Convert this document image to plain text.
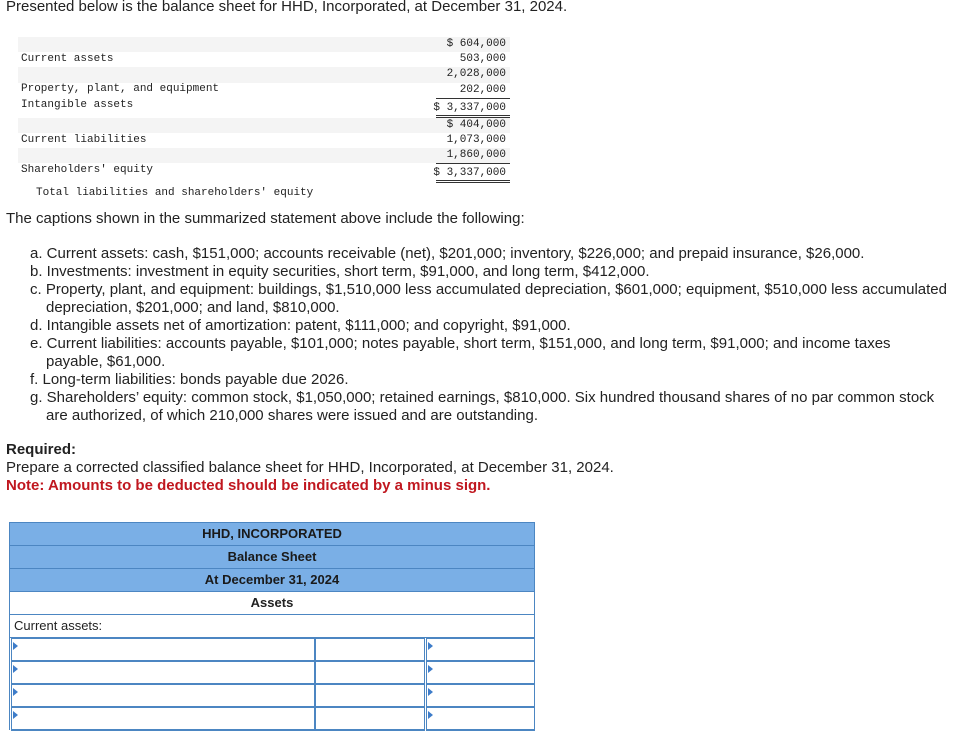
Presented below is the balance sheet for HHD, Incorporated, at December 31, 2024.

Current assets

$ 604,000

503,000

Property, plant, and equipment

2,028,000

Intangible assets

202,000

$ 3,337,000

Current liabilities

$ 404,000

1,073,000

Shareholders' equity

1,860,000

Total liabilities and shareholders' equity

$ 3,337,000

The captions shown in the summarized statement above include the following:
a. Current assets: cash, $151,000; accounts receivable (net), $201,000; inventory, $226,000; and prepaid insurance, $26,000.
b. Investments: investment in equity securities, short term, $91,000, and long term, $412,000.
c. Property, plant, and equipment: buildings, $1,510,000 less accumulated depreciation, $601,000; equipment, $510,000 less accumulated depreciation, $201,000; and land, $810,000.
d. Intangible assets net of amortization: patent, $111,000; and copyright, $91,000.
e. Current liabilities: accounts payable, $101,000; notes payable, short term, $151,000, and long term, $91,000; and income taxes payable, $61,000.
f. Long-term liabilities: bonds payable due 2026.
g. Shareholders’ equity: common stock, $1,050,000; retained earnings, $810,000. Six hundred thousand shares of no par common stock are authorized, of which 210,000 shares were issued and are outstanding.
Required:
Prepare a corrected classified balance sheet for HHD, Incorporated, at December 31, 2024.
Note: Amounts to be deducted should be indicated by a minus sign.
HHD, INCORPORATED
Balance Sheet
At December 31, 2024
Assets
Current assets:
